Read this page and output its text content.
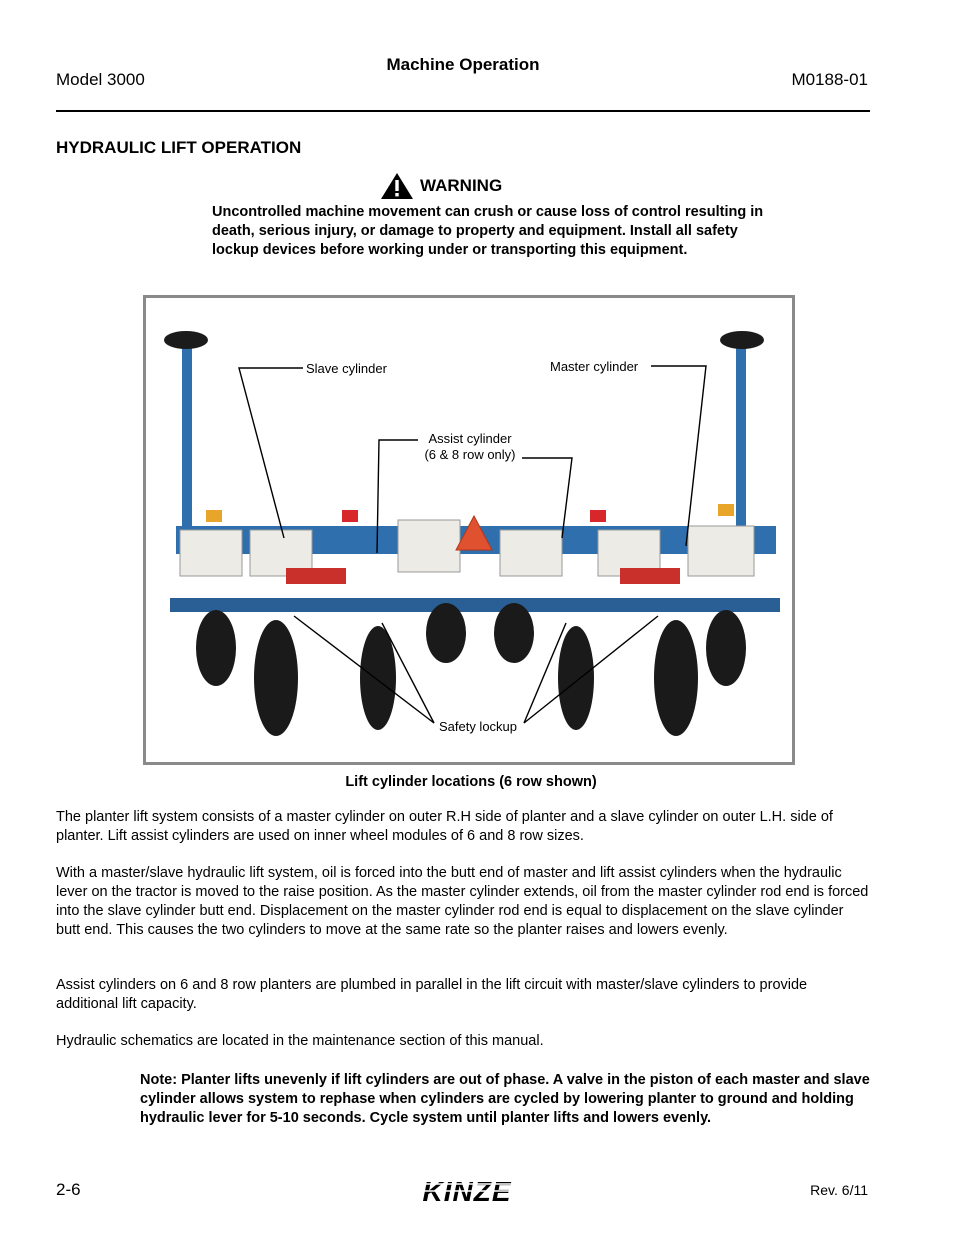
Model 3000
Machine Operation
M0188-01
HYDRAULIC LIFT OPERATION
WARNING
Uncontrolled machine movement can crush or cause loss of control resulting in death, serious injury, or damage to property and equipment. Install all safety lockup devices before working under or transporting this equipment.
Slave cylinder	Master cylinder
Assist cylinder
(6 & 8 row only)
Safety lockup
Lift cylinder locations (6 row shown)
The planter lift system consists of a master cylinder on outer R.H side of planter and a slave cylinder on outer L.H. side of planter. Lift assist cylinders are used on inner wheel modules of 6 and 8 row sizes.
With a master/slave hydraulic lift system, oil is forced into the butt end of master and lift assist cylinders when the hydraulic lever on the tractor is moved to the raise position. As the master cylinder extends, oil from the master cylinder rod end is forced into the slave cylinder butt end. Displacement on the master cylinder rod end is equal to displacement on the slave cylinder butt end. This causes the two cylinders to move at the same rate so the planter raises and lowers evenly.
Assist cylinders on 6 and 8 row planters are plumbed in parallel in the lift circuit with master/slave cylinders to provide additional lift capacity.
Hydraulic schematics are located in the maintenance section of this manual.
Note: Planter lifts unevenly if lift cylinders are out of phase. A valve in the piston of each master and slave cylinder allows system to rephase when cylinders are cycled by lowering planter to ground and holding hydraulic lever for 5-10 seconds. Cycle system until planter lifts and lowers evenly.
2-6	KINZE	Rev. 6/11
